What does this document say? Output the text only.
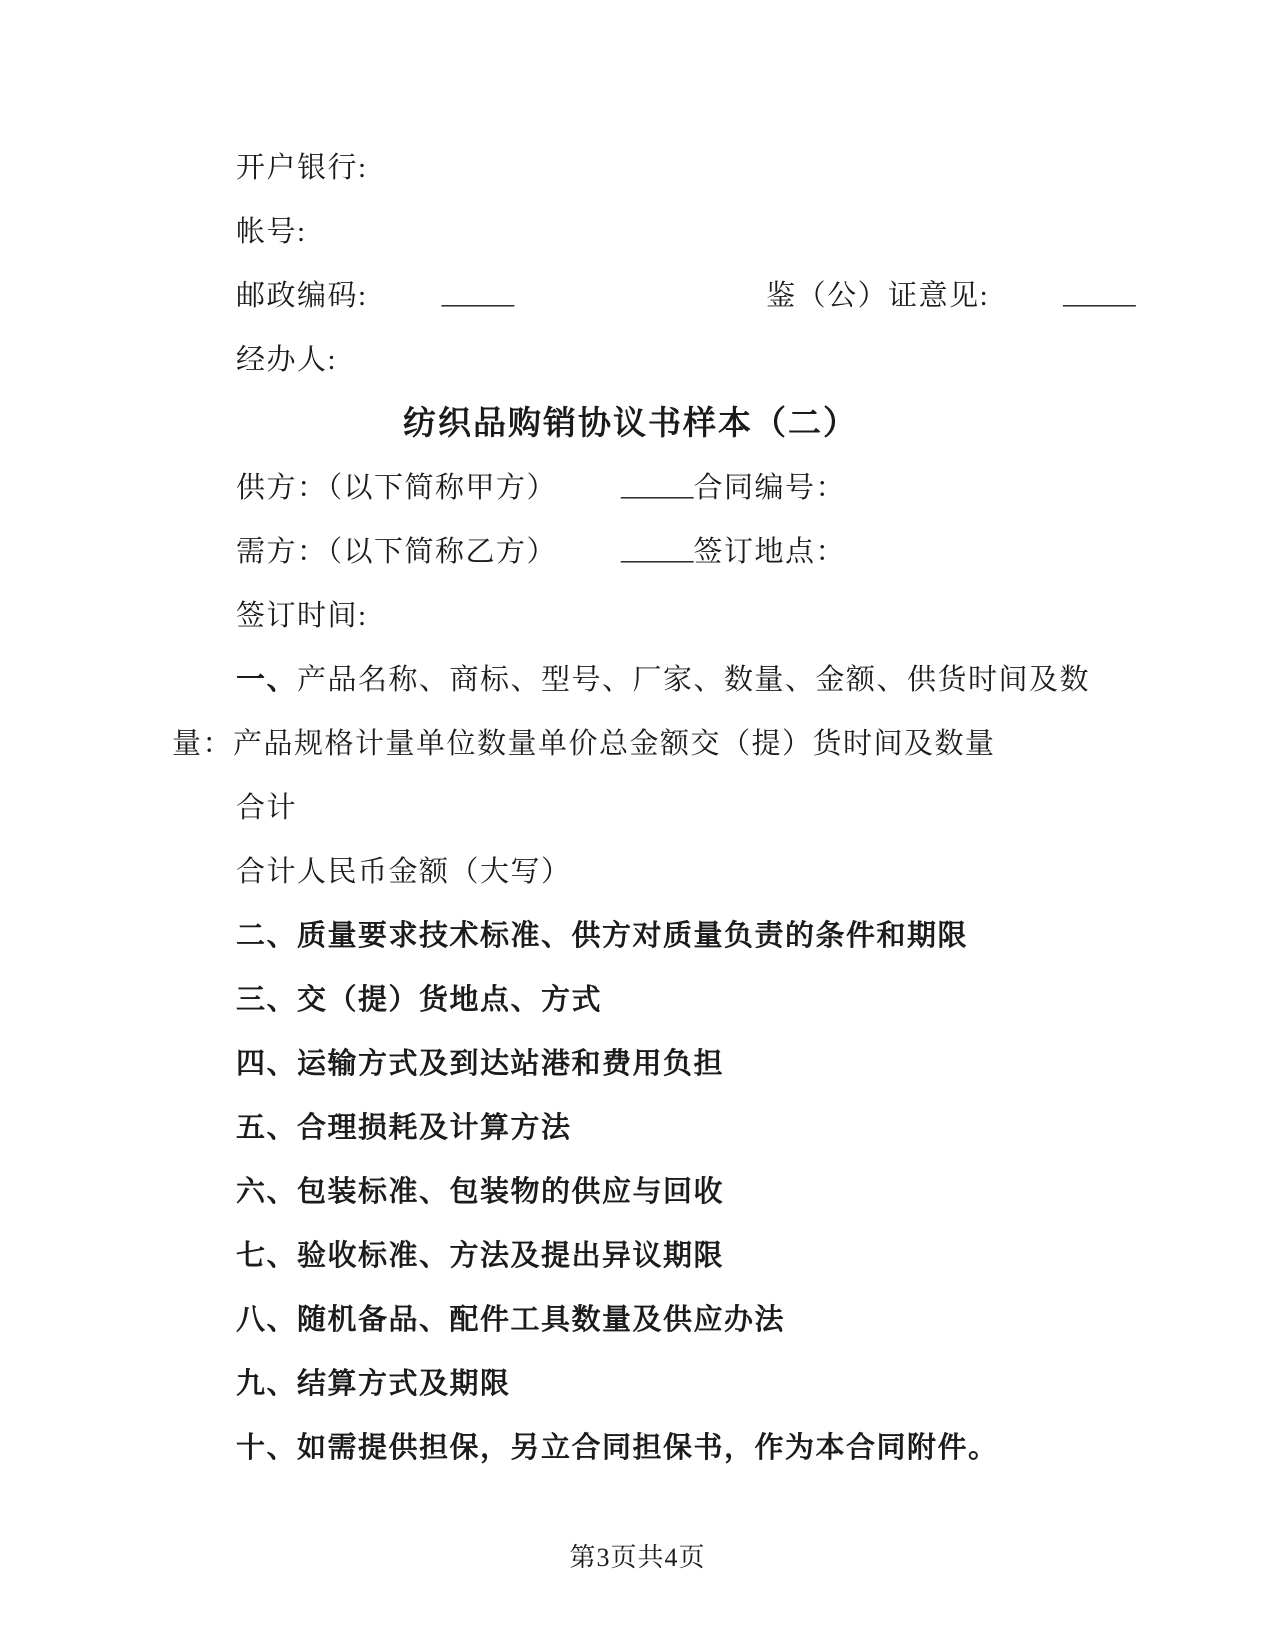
开户银行:

帐号:

邮政编码:	_____	鉴（公）证意见:	_____

经办人:

纺织品购销协议书样本（二）

供方：（以下简称甲方） _____合同编号：

需方：（以下简称乙方） _____签订地点：

签订时间:

一、产品名称、商标、型号、厂家、数量、金额、供货时间及数

量：产品规格计量单位数量单价总金额交（提）货时间及数量

合计

合计人民币金额（大写）

二、质量要求技术标准、供方对质量负责的条件和期限

三、交（提）货地点、方式

四、运输方式及到达站港和费用负担

五、合理损耗及计算方法

六、包装标准、包装物的供应与回收

七、验收标准、方法及提出异议期限

八、随机备品、配件工具数量及供应办法

九、结算方式及期限

十、如需提供担保，另立合同担保书，作为本合同附件。

第3页共4页
